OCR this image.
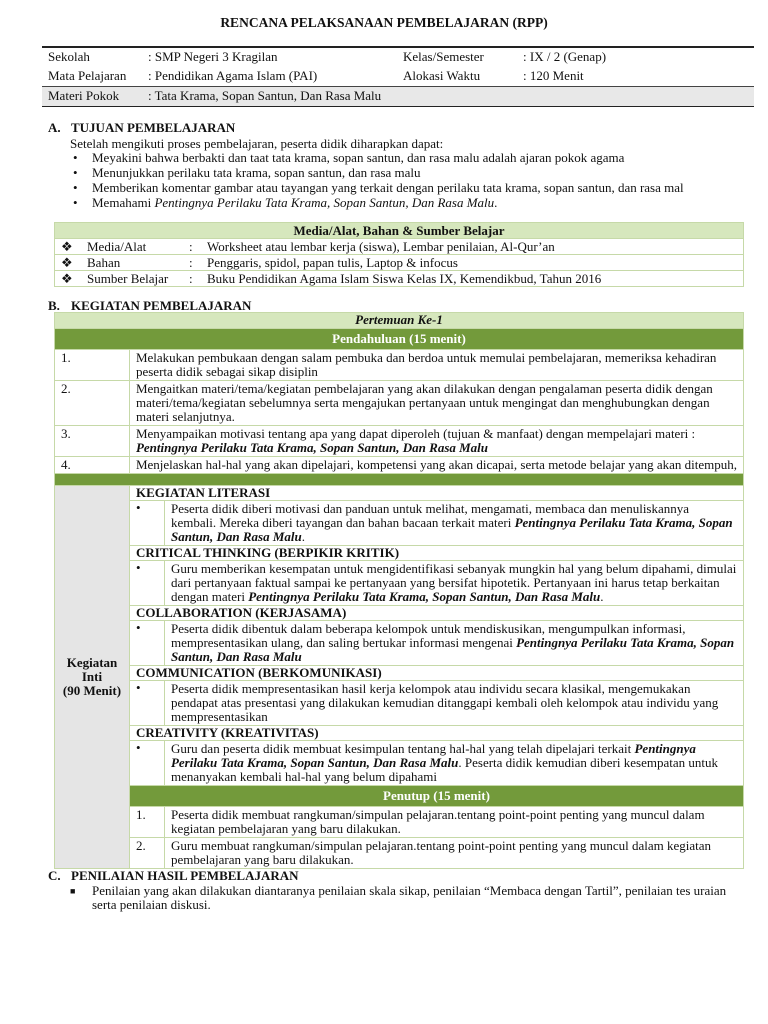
RENCANA PELAKSANAAN PEMBELAJARAN (RPP)
Sekolah	: SMP Negeri 3 Kragilan	Kelas/Semester	: IX / 2 (Genap)
Mata Pelajaran	: Pendidikan Agama Islam (PAI)	Alokasi Waktu	: 120 Menit
Materi Pokok	: Tata Krama, Sopan Santun, Dan Rasa Malu		
A. TUJUAN PEMBELAJARAN
Setelah mengikuti proses pembelajaran, peserta didik diharapkan dapat:
• Meyakini bahwa berbakti dan taat tata krama, sopan santun, dan rasa malu adalah ajaran pokok agama
• Menunjukkan perilaku tata krama, sopan santun, dan rasa malu
• Memberikan komentar gambar atau tayangan yang terkait dengan perilaku tata krama, sopan santun, dan rasa mal
• Memahami Pentingnya Perilaku Tata Krama, Sopan Santun, Dan Rasa Malu.
Media/Alat, Bahan & Sumber Belajar			
❖	Media/Alat	:	Worksheet atau lembar kerja (siswa), Lembar penilaian, Al-Qur’an
❖	Bahan	:	Penggaris, spidol, papan tulis, Laptop & infocus
❖	Sumber Belajar	:	Buku Pendidikan Agama Islam Siswa Kelas IX, Kemendikbud, Tahun 2016
B. KEGIATAN PEMBELAJARAN
Pertemuan Ke-1		
Pendahuluan (15 menit)		
1.	Melakukan pembukaan dengan salam pembuka dan berdoa untuk memulai pembelajaran, memeriksa kehadiran peserta didik sebagai sikap disiplin	
2.	Mengaitkan materi/tema/kegiatan pembelajaran yang akan dilakukan dengan pengalaman peserta didik dengan materi/tema/kegiatan sebelumnya serta mengajukan pertanyaan untuk mengingat dan menghubungkan dengan materi selanjutnya.	
3.	Menyampaikan motivasi tentang apa yang dapat diperoleh (tujuan & manfaat) dengan mempelajari materi :
Pentingnya Perilaku Tata Krama, Sopan Santun, Dan Rasa Malu	
4.	Menjelaskan hal-hal yang akan dipelajari, kompetensi yang akan dicapai, serta metode belajar yang akan ditempuh,	

Kegiatan Inti
(90 Menit)	KEGIATAN LITERASI	
	•	Peserta didik diberi motivasi dan panduan untuk melihat, mengamati, membaca dan menuliskannya kembali. Mereka diberi tayangan dan bahan bacaan terkait materi Pentingnya Perilaku Tata Krama, Sopan Santun, Dan Rasa Malu.
	CRITICAL THINKING (BERPIKIR KRITIK)	
	•	Guru memberikan kesempatan untuk mengidentifikasi sebanyak mungkin hal yang belum dipahami, dimulai dari pertanyaan faktual sampai ke pertanyaan yang bersifat hipotetik. Pertanyaan ini harus tetap berkaitan dengan materi Pentingnya Perilaku Tata Krama, Sopan Santun, Dan Rasa Malu.
	COLLABORATION (KERJASAMA)	
	•	Peserta didik dibentuk dalam beberapa kelompok untuk mendiskusikan, mengumpulkan informasi, mempresentasikan ulang, dan saling bertukar informasi mengenai Pentingnya Perilaku Tata Krama, Sopan Santun, Dan Rasa Malu
	COMMUNICATION (BERKOMUNIKASI)	
	•	Peserta didik mempresentasikan hasil kerja kelompok atau individu secara klasikal, mengemukakan pendapat atas presentasi yang dilakukan kemudian ditanggapi kembali oleh kelompok atau individu yang mempresentasikan
	CREATIVITY (KREATIVITAS)	
	•	Guru dan peserta didik membuat kesimpulan tentang hal-hal yang telah dipelajari terkait Pentingnya Perilaku Tata Krama, Sopan Santun, Dan Rasa Malu. Peserta didik kemudian diberi kesempatan untuk menanyakan kembali hal-hal yang belum dipahami
	Penutup (15 menit)	
	1.	Peserta didik membuat rangkuman/simpulan pelajaran.tentang point-point penting yang muncul dalam kegiatan pembelajaran yang baru dilakukan.
	2.	Guru membuat rangkuman/simpulan pelajaran.tentang point-point penting yang muncul dalam kegiatan pembelajaran yang baru dilakukan.
C. PENILAIAN HASIL PEMBELAJARAN
■ Penilaian yang akan dilakukan diantaranya penilaian skala sikap, penilaian “Membaca dengan Tartil”, penilaian tes uraian serta penilaian diskusi.
